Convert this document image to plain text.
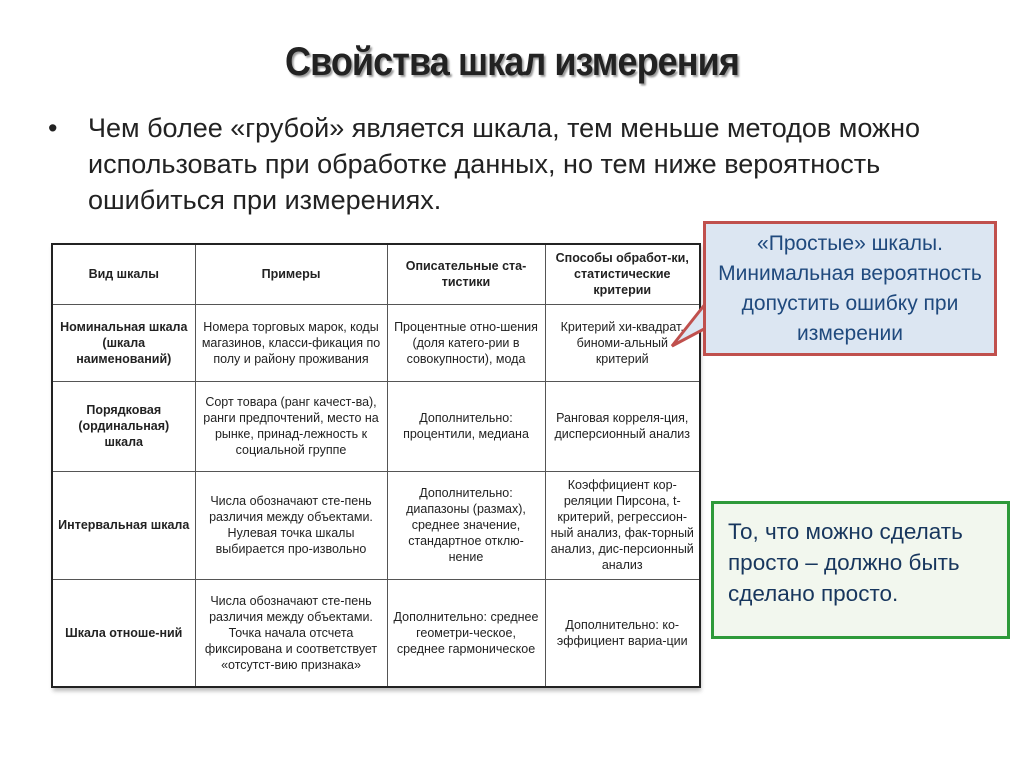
Свойства шкал измерения
• Чем более «грубой» является шкала, тем меньше методов можно использовать при обработке данных, но тем ниже вероятность ошибиться при измерениях.
Вид шкалы	Примеры	Описательные ста-тистики	Способы обработ-ки, статистические критерии
Номинальная шкала (шкала наименований)	Номера торговых марок, коды магазинов, класси-фикация по полу и району проживания	Процентные отно-шения (доля катего-рии в совокупности), мода	Критерий хи-квадрат, биноми-альный критерий
Порядковая (ординальная) шкала	Сорт товара (ранг качест-ва), ранги предпочтений, место на рынке, принад-лежность к социальной группе	Дополнительно: процентили, медиана	Ранговая корреля-ция, дисперсионный анализ
Интервальная шкала	Числа обозначают сте-пень различия между объектами. Нулевая точка шкалы выбирается про-извольно	Дополнительно: диапазоны (размах), среднее значение, стандартное отклю-нение	Коэффициент кор-реляции Пирсона, t-критерий, регрессион-ный анализ, фак-торный анализ, дис-персионный анализ
Шкала отноше-ний	Числа обозначают сте-пень различия между объектами. Точка начала отсчета фиксирована и соответствует «отсутст-вию признака»	Дополнительно: среднее геометри-ческое, среднее гармоническое	Дополнительно: ко-эффициент вариа-ции
«Простые» шкалы. Минимальная вероятность допустить ошибку при измерении
То, что можно сделать просто – должно быть сделано просто.
